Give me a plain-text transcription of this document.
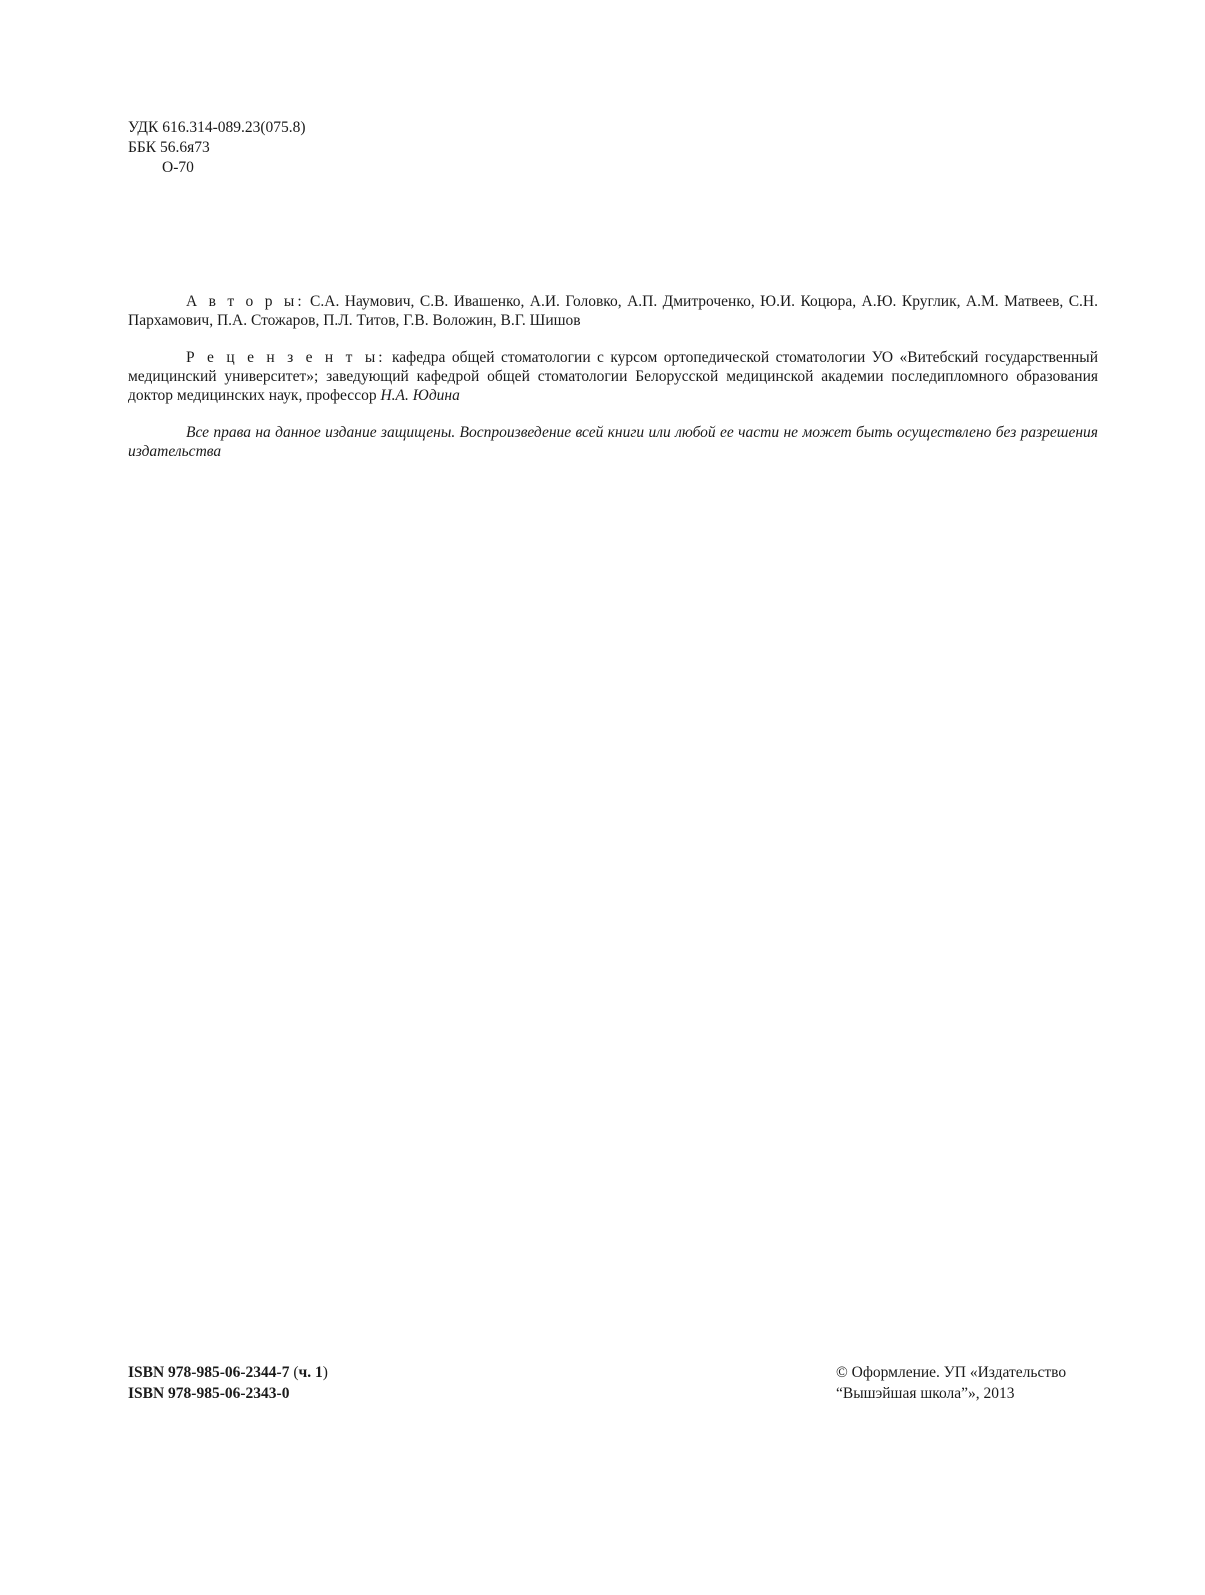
УДК 616.314-089.23(075.8)
ББК 56.6я73
О-70

А в т о р ы: С.А. Наумович, С.В. Ивашенко, А.И. Головко, А.П. Дмитроченко, Ю.И. Коцюра, А.Ю. Круглик, А.М. Матвеев, С.Н. Пархамович, П.А. Стожаров, П.Л. Титов, Г.В. Воложин, В.Г. Шишов

Р е ц е н з е н т ы: кафедра общей стоматологии с курсом ортопедической стоматологии УО «Витебский государственный медицинский университет»; заведующий кафедрой общей стоматологии Белорусской медицинской академии последипломного образования доктор медицинских наук, профессор Н.А. Юдина

Все права на данное издание защищены. Воспроизведение всей книги или любой ее части не может быть осуществлено без разрешения издательства

ISBN 978-985-06-2344-7 (ч. 1)
ISBN 978-985-06-2343-0
© Оформление. УП «Издательство
“Вышэйшая школа”», 2013
